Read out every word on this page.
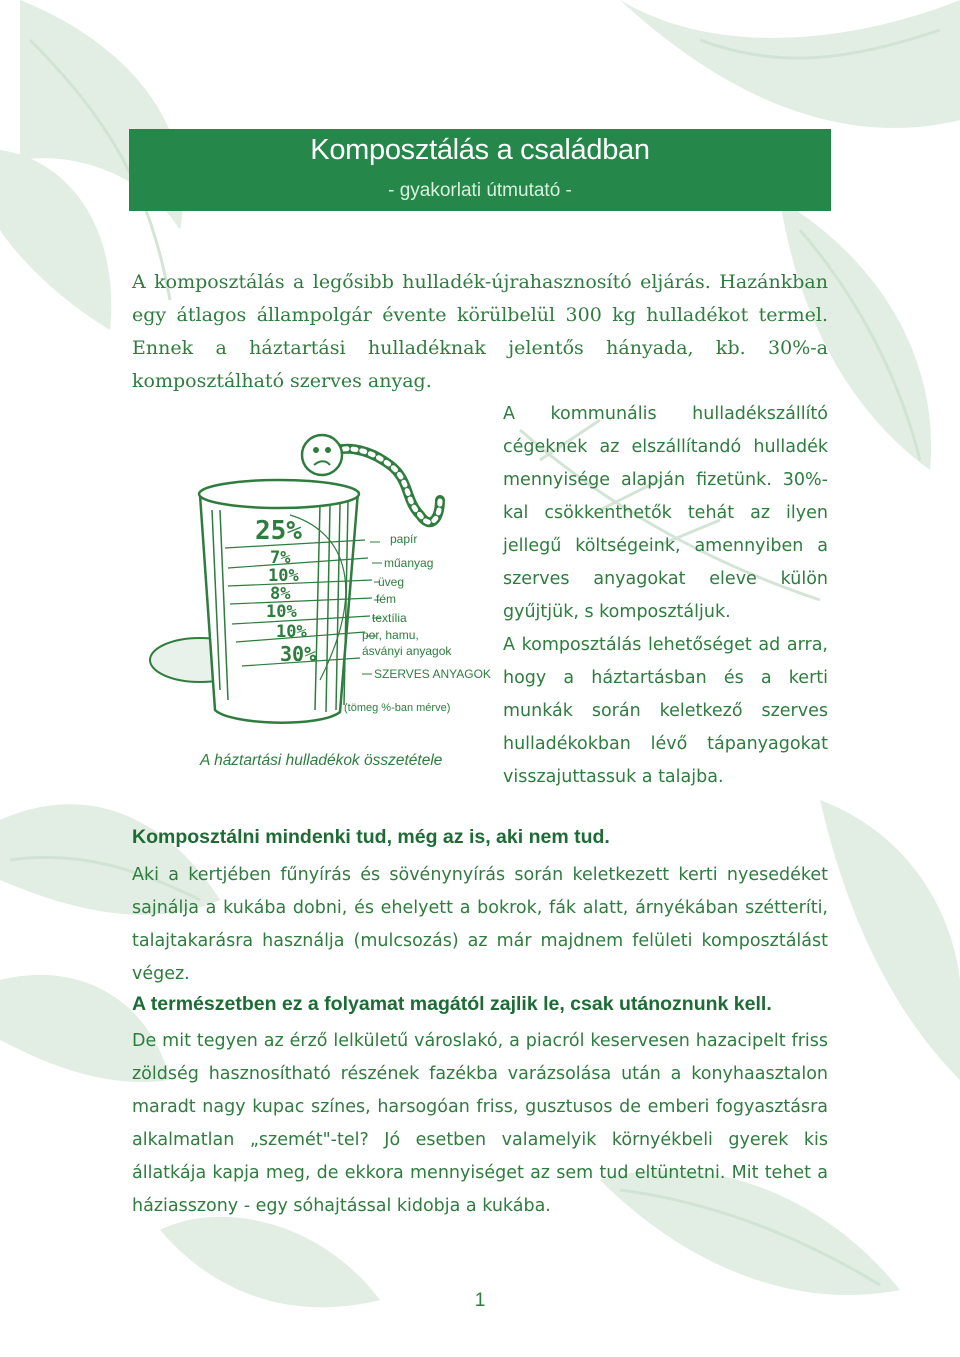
Komposztálás a családban
- gyakorlati útmutató -

A komposztálás a legősibb hulladék-újrahasznosító eljárás. Hazánkban egy átlagos állampolgár évente körülbelül 300 kg hulladékot termel. Ennek a háztartási hulladéknak jelentős hányada, kb. 30%-a komposztálható szerves anyag.

25%
7%
10%
8%
10%
10%
30%
papír
műanyag
üveg
fém
textília
por, hamu,
ásványi anyagok
SZERVES ANYAGOK
(tömeg %-ban mérve)
A háztartási hulladékok összetétele

A kommunális hulladékszállító cégeknek az elszállítandó hulladék mennyisége alapján fizetünk. 30%-kal csökkenthetők tehát az ilyen jellegű költségeink, amennyiben a szerves anyagokat eleve külön gyűjtjük, s komposztáljuk.

A komposztálás lehetőséget ad arra, hogy a háztartásban és a kerti munkák során keletkező szerves hulladékokban lévő tápanyagokat visszajuttassuk a talajba.

Komposztálni mindenki tud, még az is, aki nem tud.

Aki a kertjében fűnyírás és sövénynyírás során keletkezett kerti nyesedéket sajnálja a kukába dobni, és ehelyett a bokrok, fák alatt, árnyékában szétteríti, talajtakarásra használja (mulcsozás) az már majdnem felületi komposztálást végez.

A természetben ez a folyamat magától zajlik le, csak utánoznunk kell.

De mit tegyen az érző lelkületű városlakó, a piacról keservesen hazacipelt friss zöldség hasznosítható részének fazékba varázsolása után a konyhaasztalon maradt nagy kupac színes, harsogóan friss, gusztusos de emberi fogyasztásra alkalmatlan „szemét"-tel? Jó esetben valamelyik környékbeli gyerek kis állatkája kapja meg, de ekkora mennyiséget az sem tud eltüntetni. Mit tehet a háziasszony - egy sóhajtással kidobja a kukába.

1
